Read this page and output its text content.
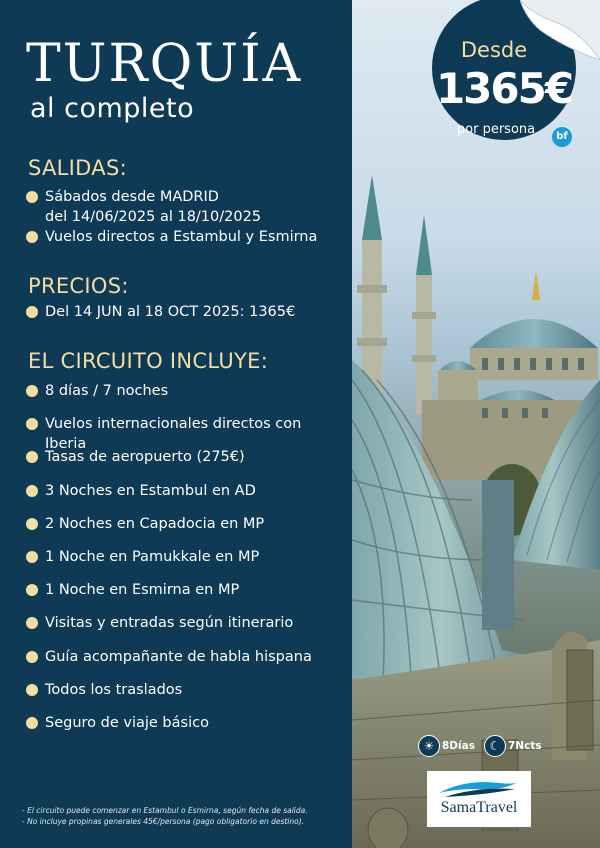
TURQUÍA
al completo
SALIDAS:
Sábados desde MADRID
del 14/06/2025 al 18/10/2025
Vuelos directos a Estambul y Esmirna
PRECIOS:
Del 14 JUN al 18 OCT 2025: 1365€
EL CIRCUITO INCLUYE:
8 días / 7 noches
Vuelos internacionales directos con Iberia
Tasas de aeropuerto (275€)
3 Noches en Estambul en AD
2 Noches en Capadocia en MP
1 Noche en Pamukkale en MP
1 Noche en Esmirna en MP
Visitas y entradas según itinerario
Guía acompañante de habla hispana
Todos los traslados
Seguro de viaje básico
- El circuito puede comenzar en Estambul o Esmirna, según fecha de salida.
- No incluye propinas generales 45€/persona (pago obligatorio en destino).
Desde
1365€
por persona	bf
☀ 8Días	☾ 7Ncts
SamaTravel
